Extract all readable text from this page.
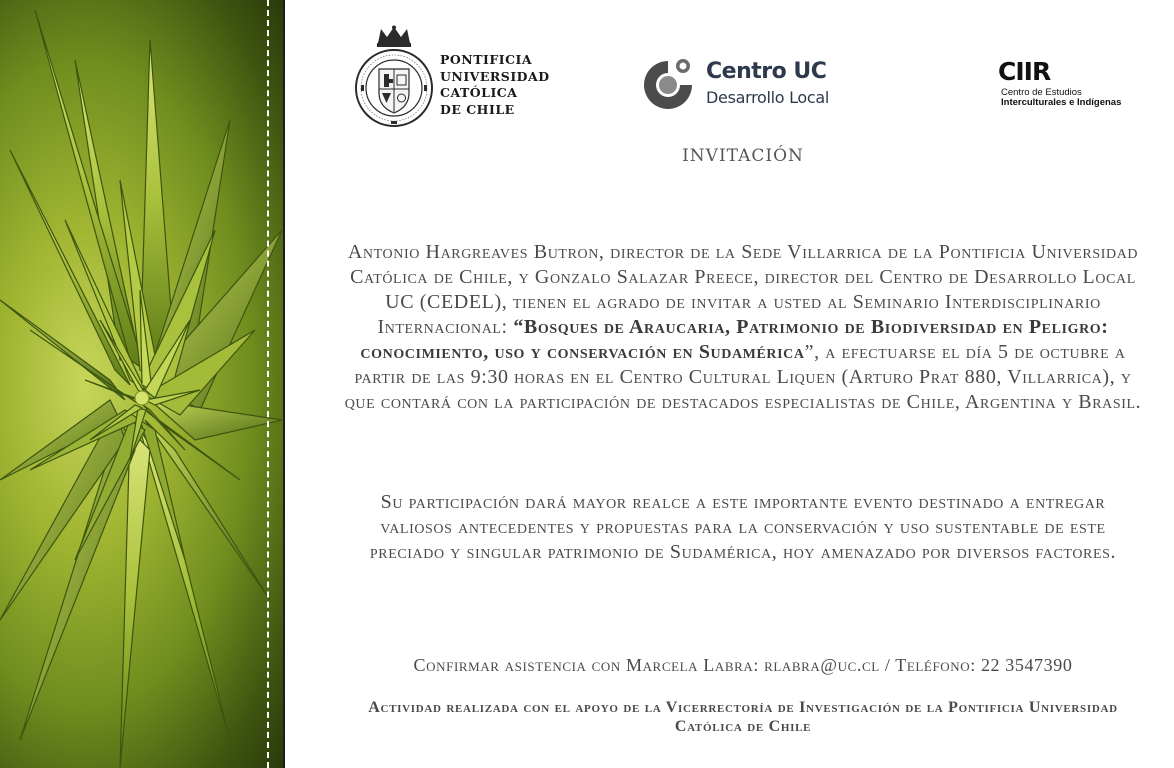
PONTIFICIA
UNIVERSIDAD
CATÓLICA
DE CHILE
Centro UC
Desarrollo Local
CIIR
Centro de Estudios
Interculturales e Indígenas
INVITACIÓN
Antonio Hargreaves Butron, director de la Sede Villarrica de la Pontificia Universidad Católica de Chile, y Gonzalo Salazar Preece, director del Centro de Desarrollo Local UC (CEDEL), tienen el agrado de invitar a usted al Seminario Interdisciplinario Internacional: “Bosques de Araucaria, Patrimonio de Biodiversidad en Peligro: conocimiento, uso y conservación en Sudamérica”, a efectuarse el día 5 de octubre a partir de las 9:30 horas en el Centro Cultural Liquen (Arturo Prat 880, Villarrica), y que contará con la participación de destacados especialistas de Chile, Argentina y Brasil.
Su participación dará mayor realce a este importante evento destinado a entregar valiosos antecedentes y propuestas para la conservación y uso sustentable de este preciado y singular patrimonio de Sudamérica, hoy amenazado por diversos factores.
Confirmar asistencia con Marcela Labra: rlabra@uc.cl / Teléfono: 22 3547390
Actividad realizada con el apoyo de la Vicerrectoría de Investigación de la Pontificia Universidad Católica de Chile
